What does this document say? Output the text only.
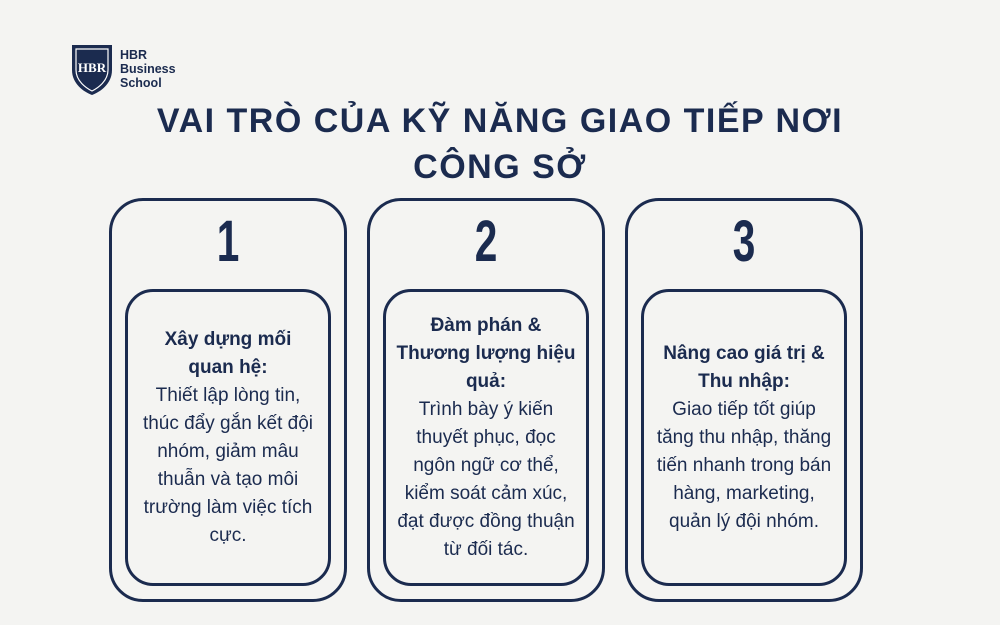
HBR
HBR
Business
School
VAI TRÒ CỦA KỸ NĂNG GIAO TIẾP NƠI CÔNG SỞ
1
Xây dựng mối quan hệ:
Thiết lập lòng tin, thúc đẩy gắn kết đội nhóm, giảm mâu thuẫn và tạo môi trường làm việc tích cực.
2
Đàm phán & Thương lượng hiệu quả:
Trình bày ý kiến thuyết phục, đọc ngôn ngữ cơ thể, kiểm soát cảm xúc, đạt được đồng thuận từ đối tác.
3
Nâng cao giá trị & Thu nhập:
Giao tiếp tốt giúp tăng thu nhập, thăng tiến nhanh trong bán hàng, marketing, quản lý đội nhóm.
